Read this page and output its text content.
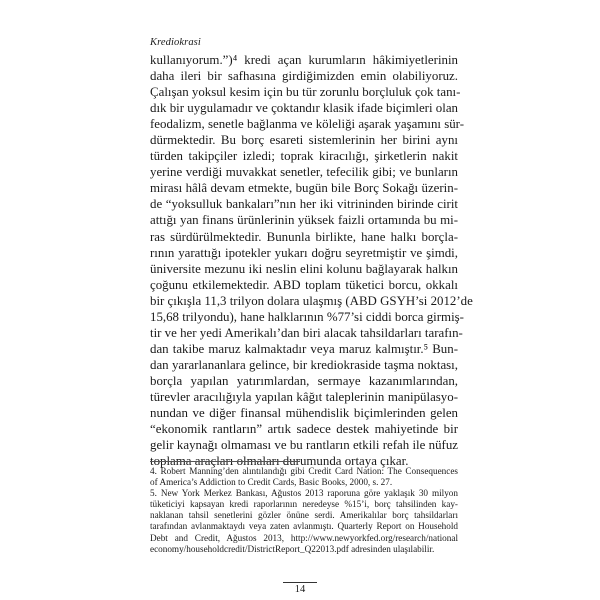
Krediokrasi
kullanıyorum.”)⁴ kredi açan kurumların hâkimiyetlerinin
daha ileri bir safhasına girdiğimizden emin olabiliyoruz.
Çalışan yoksul kesim için bu tür zorunlu borçluluk çok tanı-
dık bir uygulamadır ve çoktandır klasik ifade biçimleri olan
feodalizm, senetle bağlanma ve köleliği aşarak yaşamını sür-
dürmektedir. Bu borç esareti sistemlerinin her birini aynı
türden takipçiler izledi; toprak kiracılığı, şirketlerin nakit
yerine verdiği muvakkat senetler, tefecilik gibi; ve bunların
mirası hâlâ devam etmekte, bugün bile Borç Sokağı üzerin-
de “yoksulluk bankaları”nın her iki vitrininden birinde cirit
attığı yan finans ürünlerinin yüksek faizli ortamında bu mi-
ras sürdürülmektedir. Bununla birlikte, hane halkı borçla-
rının yarattığı ipotekler yukarı doğru seyretmiştir ve şimdi,
üniversite mezunu iki neslin elini kolunu bağlayarak halkın
çoğunu etkilemektedir. ABD toplam tüketici borcu, okkalı
bir çıkışla 11,3 trilyon dolara ulaşmış (ABD GSYH’si 2012’de
15,68 trilyondu), hane halklarının %77’si ciddi borca girmiş-
tir ve her yedi Amerikalı’dan biri alacak tahsildarları tarafın-
dan takibe maruz kalmaktadır veya maruz kalmıştır.⁵ Bun-
dan yararlananlara gelince, bir krediokraside taşma noktası,
borçla yapılan yatırımlardan, sermaye kazanımlarından,
türevler aracılığıyla yapılan kâğıt taleplerinin manipülasyo-
nundan ve diğer finansal mühendislik biçimlerinden gelen
“ekonomik rantların” artık sadece destek mahiyetinde bir
gelir kaynağı olmaması ve bu rantların etkili refah ile nüfuz
toplama araçları olmaları durumunda ortaya çıkar.
4. Robert Manning’den alıntılandığı gibi Credit Card Nation: The Consequences
of America’s Addiction to Credit Cards, Basic Books, 2000, s. 27.
5. New York Merkez Bankası, Ağustos 2013 raporuna göre yaklaşık 30 milyon
tüketiciyi kapsayan kredi raporlarının neredeyse %15’i, borç tahsilinden kay-
naklanan tahsil senetlerini gözler önüne serdi. Amerikalılar borç tahsildarları
tarafından avlanmaktaydı veya zaten avlanmıştı. Quarterly Report on Household
Debt and Credit, Ağustos 2013, http://www.newyorkfed.org/research/national
economy/householdcredit/DistrictReport_Q22013.pdf adresinden ulaşılabilir.
14
